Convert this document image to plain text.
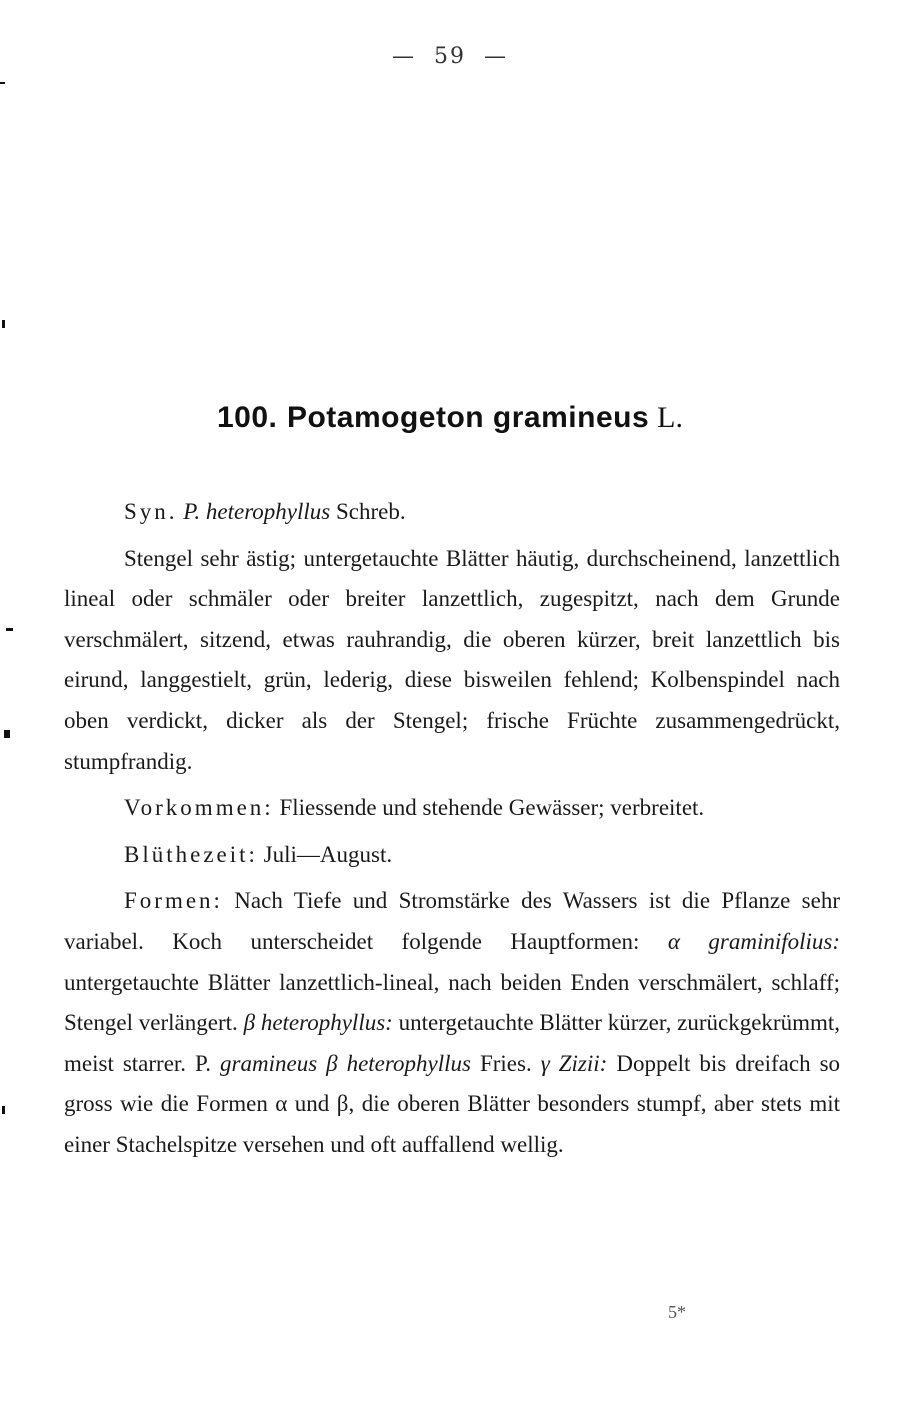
— 59 —
100. Potamogeton gramineus L.

Syn. P. heterophyllus Schreb.

Stengel sehr ästig; untergetauchte Blätter häutig, durchscheinend, lanzettlich lineal oder schmäler oder breiter lanzettlich, zugespitzt, nach dem Grunde verschmälert, sitzend, etwas rauhrandig, die oberen kürzer, breit lanzettlich bis eirund, langgestielt, grün, lederig, diese bisweilen fehlend; Kolbenspindel nach oben verdickt, dicker als der Stengel; frische Früchte zusammengedrückt, stumpfrandig.

Vorkommen: Fliessende und stehende Gewässer; verbreitet.

Blüthezeit: Juli—August.

Formen: Nach Tiefe und Stromstärke des Wassers ist die Pflanze sehr variabel. Koch unterscheidet folgende Hauptformen: α graminifolius: untergetauchte Blätter lanzettlich-lineal, nach beiden Enden verschmälert, schlaff; Stengel verlängert. β heterophyllus: untergetauchte Blätter kürzer, zurückgekrümmt, meist starrer. P. gramineus β heterophyllus Fries. γ Zizii: Doppelt bis dreifach so gross wie die Formen α und β, die oberen Blätter besonders stumpf, aber stets mit einer Stachelspitze versehen und oft auffallend wellig.

5*
